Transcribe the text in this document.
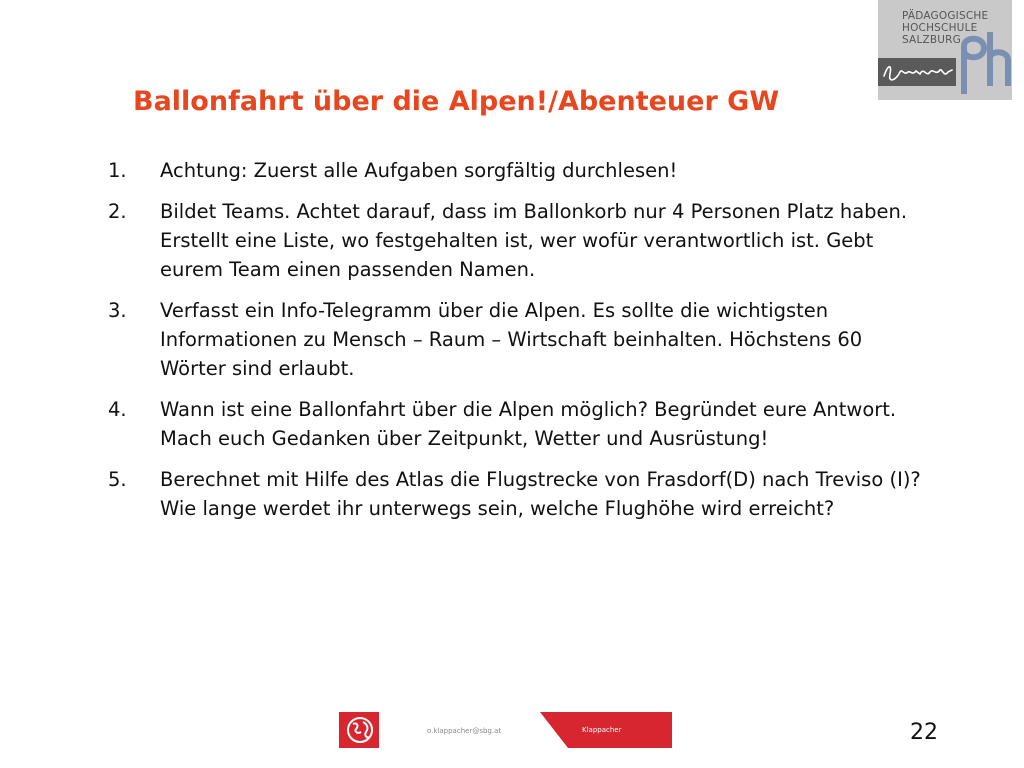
PÄDAGOGISCHE
HOCHSCHULE
SALZBURG
Ballonfahrt über die Alpen!/Abenteuer GW
1.	Achtung: Zuerst alle Aufgaben sorgfältig durchlesen!
2.	Bildet Teams. Achtet darauf, dass im Ballonkorb nur 4 Personen Platz haben. Erstellt eine Liste, wo festgehalten ist, wer wofür verantwortlich ist. Gebt eurem Team einen passenden Namen.
3.	Verfasst ein Info-Telegramm über die Alpen. Es sollte die wichtigsten Informationen zu Mensch – Raum – Wirtschaft beinhalten. Höchstens 60 Wörter sind erlaubt.
4.	Wann ist eine Ballonfahrt über die Alpen möglich? Begründet eure Antwort. Mach euch Gedanken über Zeitpunkt, Wetter und Ausrüstung!
5.	Berechnet mit Hilfe des Atlas die Flugstrecke von Frasdorf(D) nach Treviso (I)? Wie lange werdet ihr unterwegs sein, welche Flughöhe wird erreicht?
o.klappacher@sbg.at	Klappacher	22
